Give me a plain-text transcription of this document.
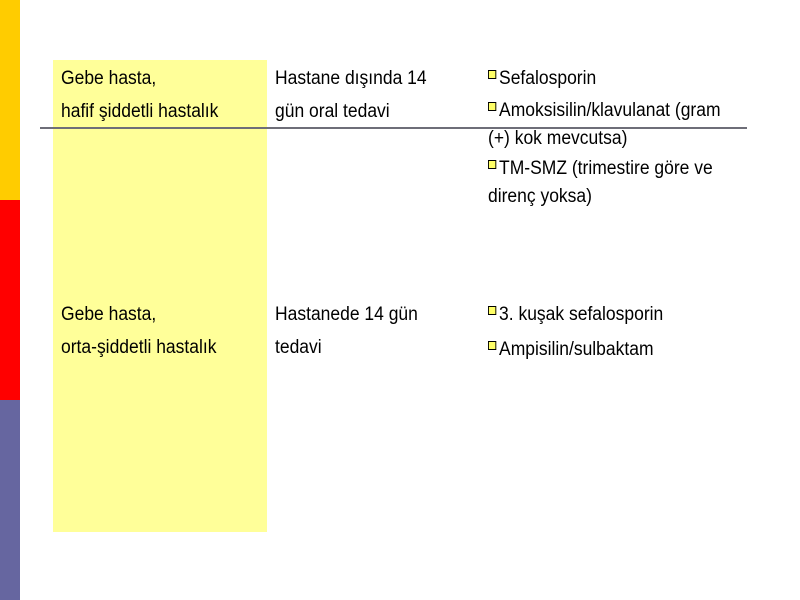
Gebe hasta,
hafif şiddetli hastalık
Hastane dışında 14
gün oral tedavi
Sefalosporin
Amoksisilin/klavulanat (gram
(+) kok mevcutsa)
TM-SMZ (trimestire göre ve
direnç yoksa)
Gebe hasta,
orta-şiddetli hastalık
Hastanede 14 gün
tedavi
3. kuşak sefalosporin
Ampisilin/sulbaktam
